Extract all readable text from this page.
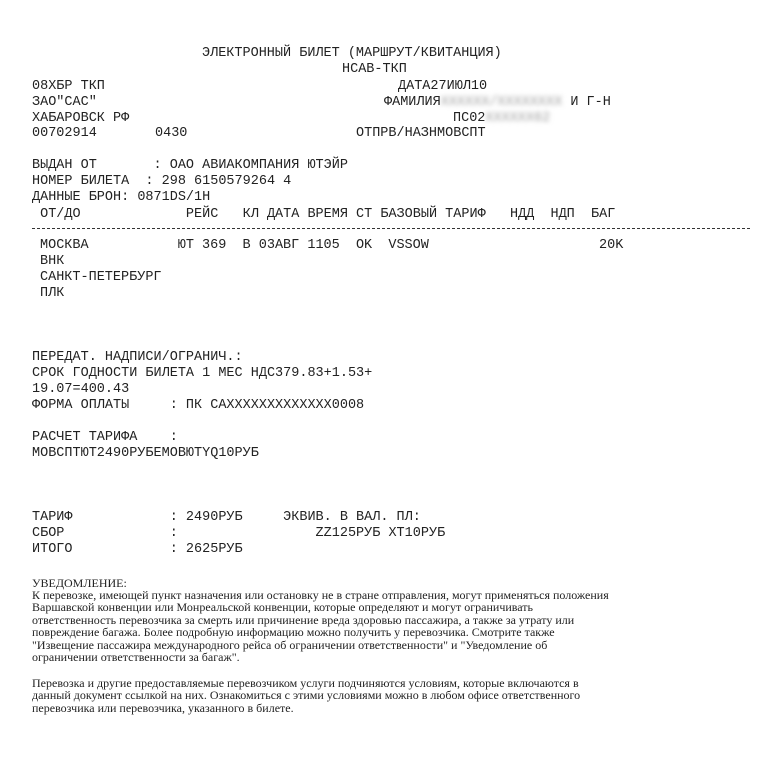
ЭЛЕКТРОННЫЙ БИЛЕТ (МАРШРУТ/КВИТАНЦИЯ)
НСАВ-ТКП
08ХБР ТКП
ЗАО"САС"
ХАБАРОВСК РФ
00702914	0430
ДАТА27ИЮЛ10
ФАМИЛИЯXXXXXX/XXXXXXXX И Г-Н
ПС02XXXXXX62
ОТПРВ/НАЗНМОВСПТ
ВЫДАН ОТ       : ОАО АВИАКОМПАНИЯ ЮТЭЙР
НОМЕР БИЛЕТА  : 298 6150579264 4
ДАННЫЕ БРОН: 0871DS/1H
ОТ/ДО             РЕЙС   КЛ ДАТА ВРЕМЯ СТ БАЗОВЫЙ ТАРИФ   НДД  НДП  БАГ
МОСКВА           ЮТ 369  В 03АВГ 1105  OK  VSSOW                     20K
ВНК
САНКТ-ПЕТЕРБУРГ
ПЛК
ПЕРЕДАТ. НАДПИСИ/ОГРАНИЧ.:
СРОК ГОДНОСТИ БИЛЕТА 1 МЕС НДС379.83+1.53+
19.07=400.43
ФОРМА ОПЛАТЫ     : ПК САХXXXXXXXXXXXX0008
РАСЧЕТ ТАРИФА    :
МОВСПТЮТ2490РУБЕМОВЮТYQ10РУБ
ТАРИФ            : 2490РУБ     ЭКВИВ. В ВАЛ. ПЛ:
СБОР             :                 ZZ125РУБ ХТ10РУБ
ИТОГО            : 2625РУБ
УВЕДОМЛЕНИЕ:
К перевозке, имеющей пункт назначения или остановку не в стране отправления, могут применяться положения Варшавской конвенции или Монреальской конвенции, которые определяют и могут ограничивать ответственность перевозчика за смерть или причинение вреда здоровью пассажира, а также за утрату или повреждение багажа. Более подробную информацию можно получить у перевозчика. Смотрите также "Извещение пассажира международного рейса об ограничении ответственности" и "Уведомление об ограничении ответственности за багаж".
Перевозка и другие предоставляемые перевозчиком услуги подчиняются условиям, которые включаются в данный документ ссылкой на них. Ознакомиться с этими условиями можно в любом офисе ответственного перевозчика или перевозчика, указанного в билете.
